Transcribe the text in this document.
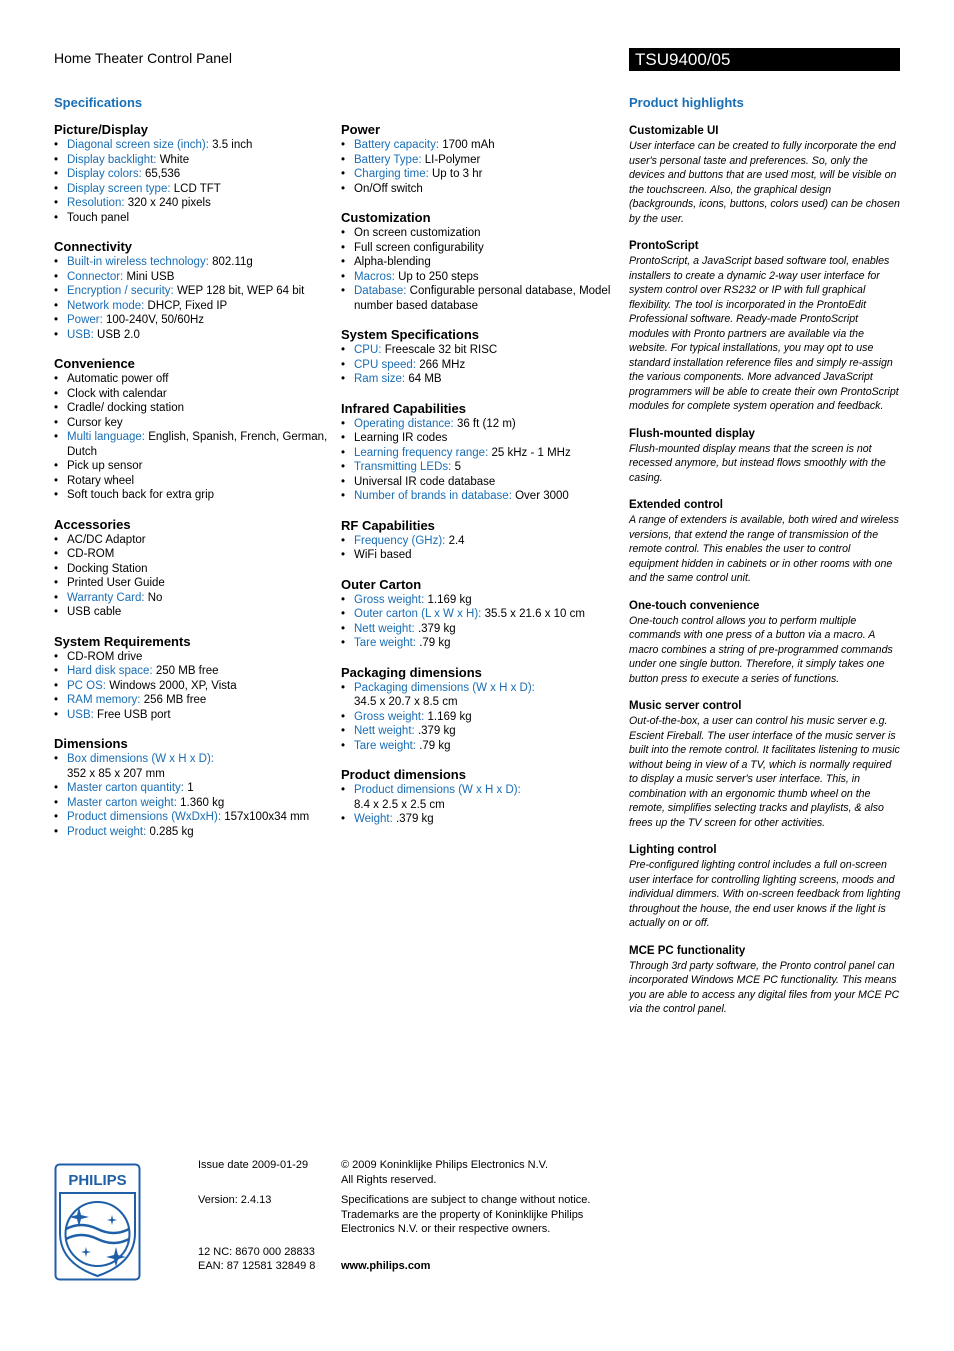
Home Theater Control Panel	TSU9400/05
Specifications	Product highlights
Picture/Display
• Diagonal screen size (inch): 3.5 inch
• Display backlight: White
• Display colors: 65,536
• Display screen type: LCD TFT
• Resolution: 320 x 240 pixels
• Touch panel
Connectivity
• Built-in wireless technology: 802.11g
• Connector: Mini USB
• Encryption / security: WEP 128 bit, WEP 64 bit
• Network mode: DHCP, Fixed IP
• Power: 100-240V, 50/60Hz
• USB: USB 2.0
Convenience
• Automatic power off
• Clock with calendar
• Cradle/ docking station
• Cursor key
• Multi language: English, Spanish, French, German, Dutch
• Pick up sensor
• Rotary wheel
• Soft touch back for extra grip
Accessories
• AC/DC Adaptor
• CD-ROM
• Docking Station
• Printed User Guide
• Warranty Card: No
• USB cable
System Requirements
• CD-ROM drive
• Hard disk space: 250 MB free
• PC OS: Windows 2000, XP, Vista
• RAM memory: 256 MB free
• USB: Free USB port
Dimensions
• Box dimensions (W x H x D):
352 x 85 x 207 mm
• Master carton quantity: 1
• Master carton weight: 1.360 kg
• Product dimensions (WxDxH): 157x100x34 mm
• Product weight: 0.285 kg
Power
• Battery capacity: 1700 mAh
• Battery Type: LI-Polymer
• Charging time: Up to 3 hr
• On/Off switch
Customization
• On screen customization
• Full screen configurability
• Alpha-blending
• Macros: Up to 250 steps
• Database: Configurable personal database, Model number based database
System Specifications
• CPU: Freescale 32 bit RISC
• CPU speed: 266 MHz
• Ram size: 64 MB
Infrared Capabilities
• Operating distance: 36 ft (12 m)
• Learning IR codes
• Learning frequency range: 25 kHz - 1 MHz
• Transmitting LEDs: 5
• Universal IR code database
• Number of brands in database: Over 3000
RF Capabilities
• Frequency (GHz): 2.4
• WiFi based
Outer Carton
• Gross weight: 1.169 kg
• Outer carton (L x W x H): 35.5 x 21.6 x 10 cm
• Nett weight: .379 kg
• Tare weight: .79 kg
Packaging dimensions
• Packaging dimensions (W x H x D):
34.5 x 20.7 x 8.5 cm
• Gross weight: 1.169 kg
• Nett weight: .379 kg
• Tare weight: .79 kg
Product dimensions
• Product dimensions (W x H x D):
8.4 x 2.5 x 2.5 cm
• Weight: .379 kg
Customizable UI

User interface can be created to fully incorporate the end user's personal taste and preferences. So, only the devices and buttons that are used most, will be visible on the touchscreen. Also, the graphical design (backgrounds, icons, buttons, colors used) can be chosen by the user.

ProntoScript

ProntoScript, a JavaScript based software tool, enables installers to create a dynamic 2-way user interface for system control over RS232 or IP with full graphical flexibility. The tool is incorporated in the ProntoEdit Professional software. Ready-made ProntoScript modules with Pronto partners are available via the website. For typical installations, you may opt to use standard installation reference files and simply re-assign the various components. More advanced JavaScript programmers will be able to create their own ProntoScript modules for complete system operation and feedback.

Flush-mounted display

Flush-mounted display means that the screen is not recessed anymore, but instead flows smoothly with the casing.

Extended control

A range of extenders is available, both wired and wireless versions, that extend the range of transmission of the remote control. This enables the user to control equipment hidden in cabinets or in other rooms with one and the same control unit.

One-touch convenience

One-touch control allows you to perform multiple commands with one press of a button via a macro. A macro combines a string of pre-programmed commands under one single button. Therefore, it simply takes one button press to execute a series of functions.

Music server control

Out-of-the-box, a user can control his music server e.g. Escient Fireball. The user interface of the music server is built into the remote control. It facilitates listening to music without being in view of a TV, which is normally required to display a music server's user interface. This, in combination with an ergonomic thumb wheel on the remote, simplifies selecting tracks and playlists, & also frees up the TV screen for other activities.

Lighting control

Pre-configured lighting control includes a full on-screen user interface for controlling lighting screens, moods and individual dimmers. With on-screen feedback from lighting throughout the house, the end user knows if the light is actually on or off.

MCE PC functionality

Through 3rd party software, the Pronto control panel can incorporated Windows MCE PC functionality. This means you are able to access any digital files from your MCE PC via the control panel.

PHILIPS
Issue date 2009-01-29
Version: 2.4.13
12 NC: 8670 000 28833
EAN: 87 12581 32849 8
© 2009 Koninklijke Philips Electronics N.V.
All Rights reserved.
Specifications are subject to change without notice. Trademarks are the property of Koninklijke Philips Electronics N.V. or their respective owners.
www.philips.com
